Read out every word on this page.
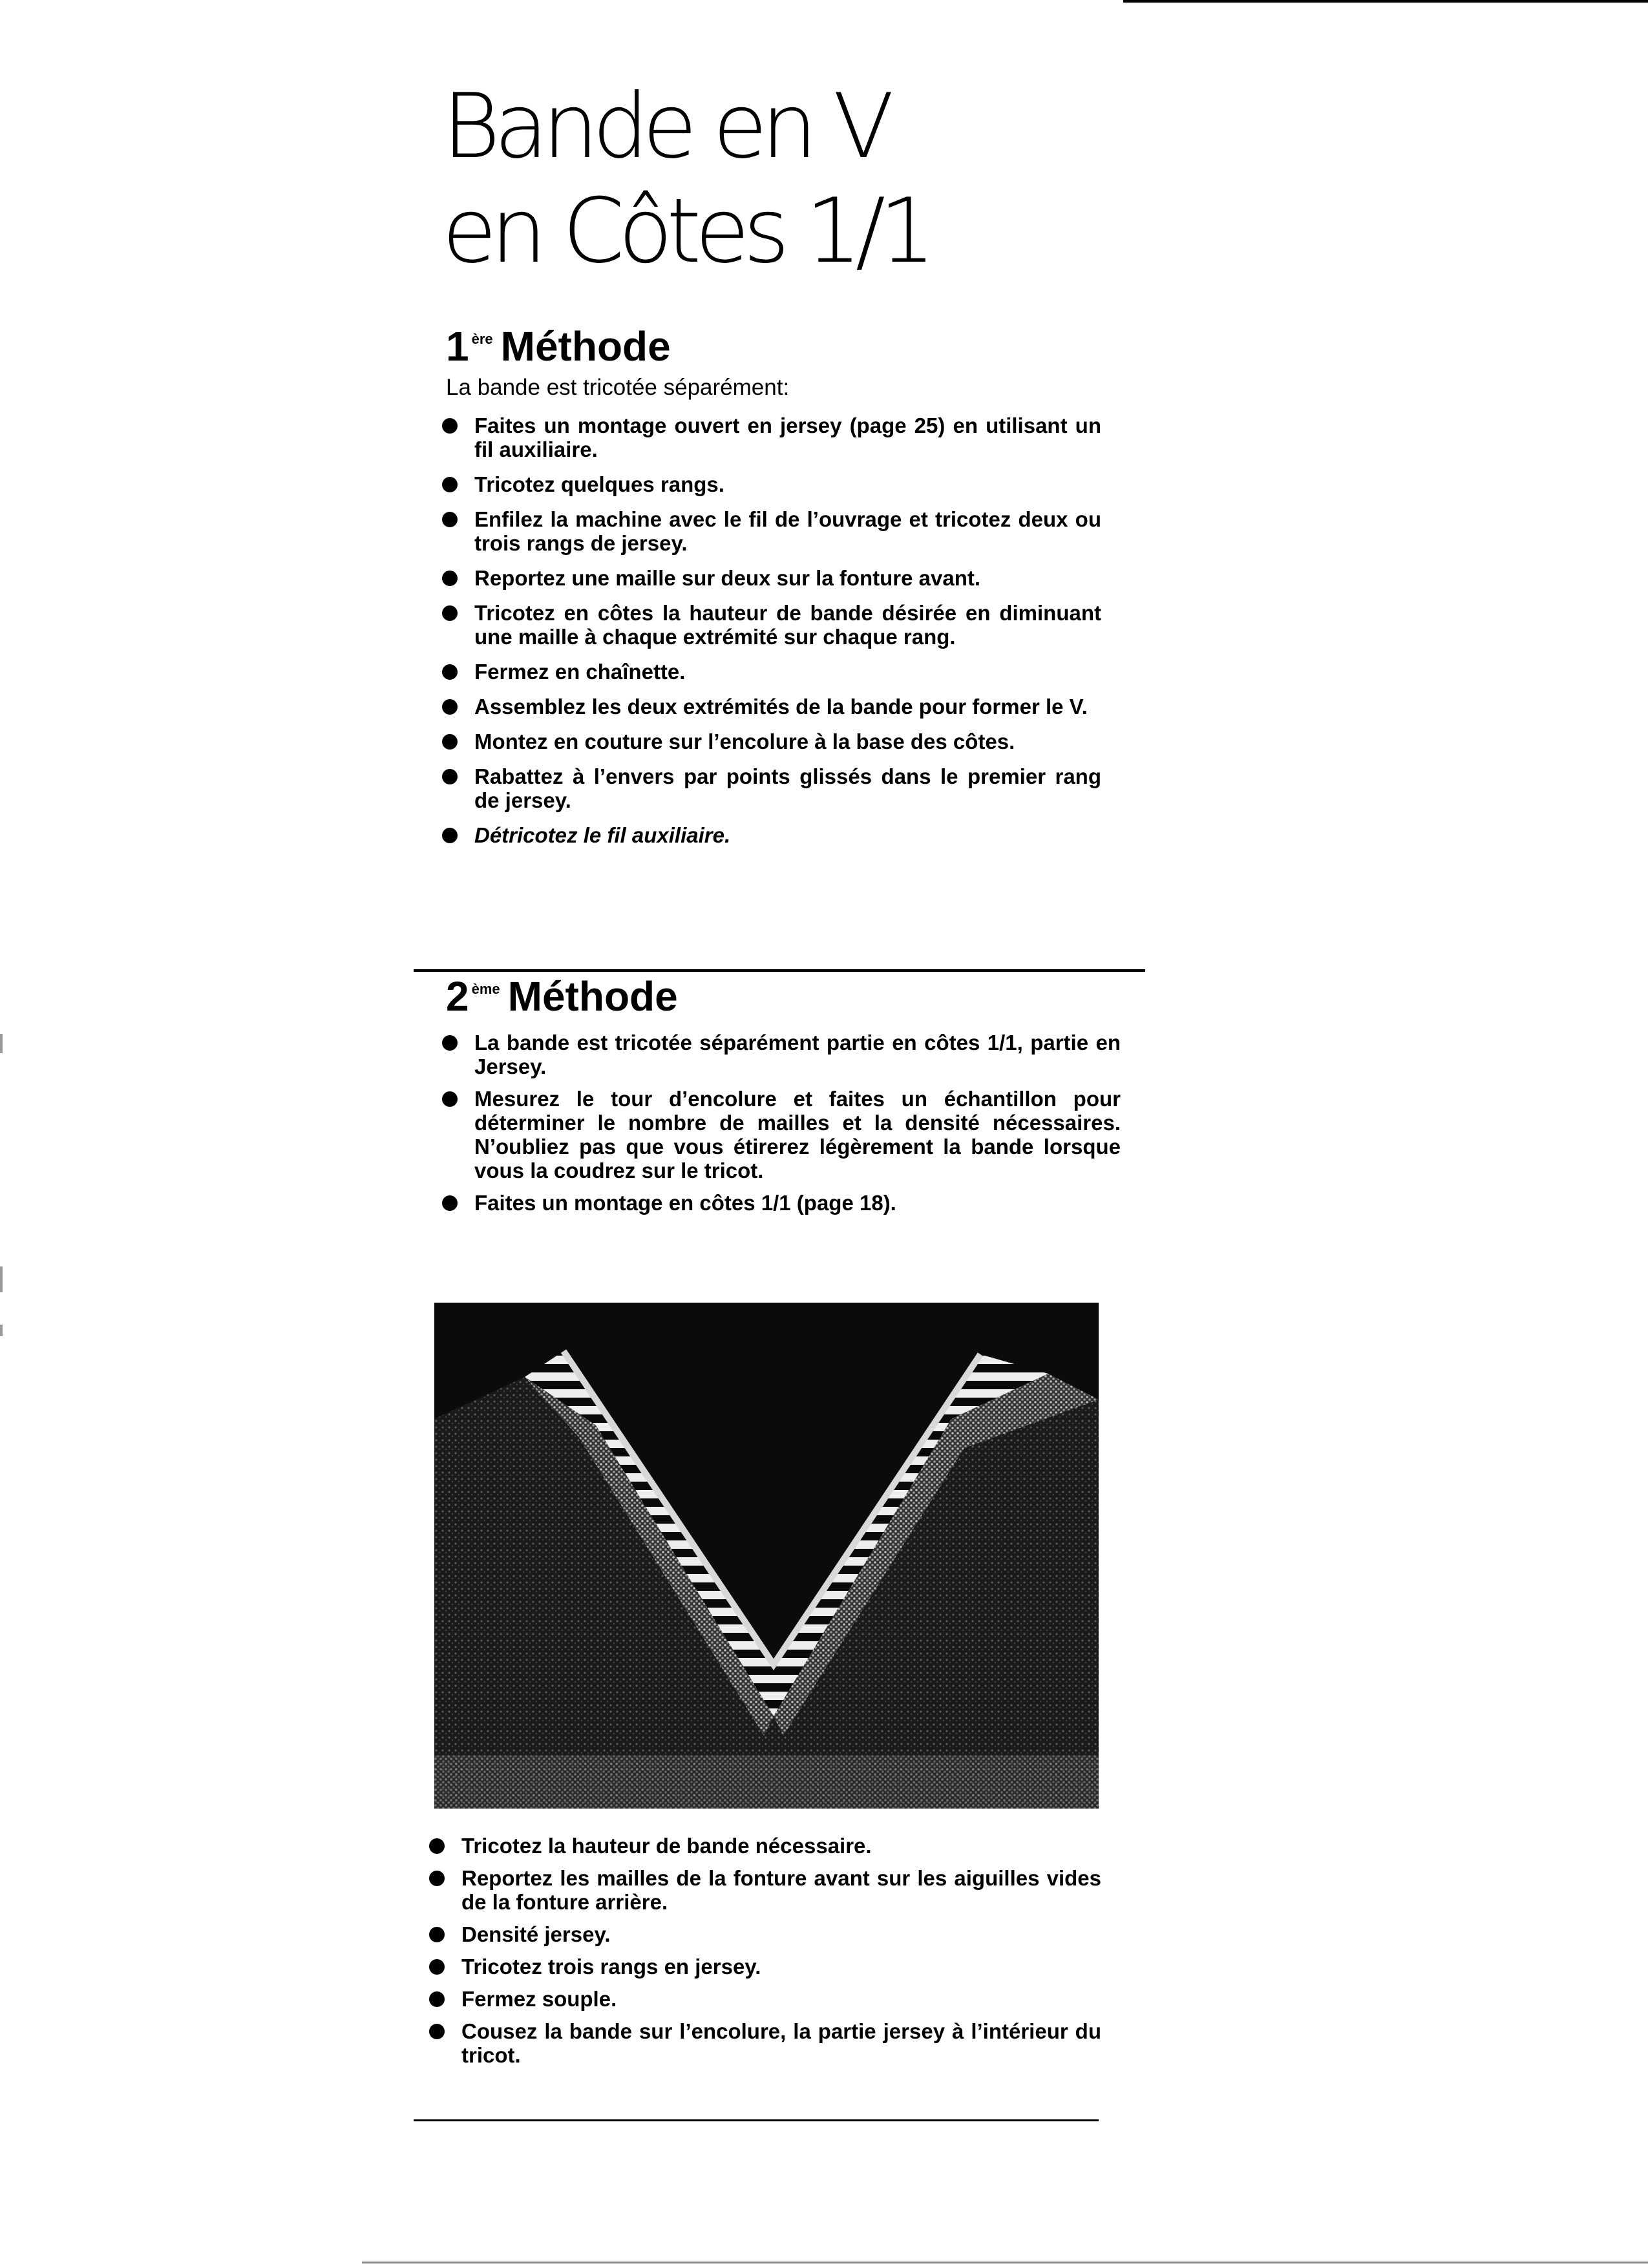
Bande en V
en Côtes 1/1
1 $^{ère}$ Méthode

La bande est tricotée séparément:

Faites un montage ouvert en jersey (page 25) en utilisant un fil auxiliaire.
Tricotez quelques rangs.
Enfilez la machine avec le fil de l’ouvrage et tricotez deux ou trois rangs de jersey.
Reportez une maille sur deux sur la fonture avant.
Tricotez en côtes la hauteur de bande désirée en diminuant une maille à chaque extrémité sur chaque rang.
Fermez en chaînette.
Assemblez les deux extrémités de la bande pour former le V.
Montez en couture sur l’encolure à la base des côtes.
Rabattez à l’envers par points glissés dans le premier rang de jersey.
Détricotez le fil auxiliaire.
2 $^{ème}$ Méthode
La bande est tricotée séparément partie en côtes 1/1, partie en Jersey.
Mesurez le tour d’encolure et faites un échantillon pour déterminer le nombre de mailles et la densité nécessaires. N’oubliez pas que vous étirerez légèrement la bande lorsque vous la coudrez sur le tricot.
Faites un montage en côtes 1/1 (page 18).
Tricotez la hauteur de bande nécessaire.
Reportez les mailles de la fonture avant sur les aiguilles vides de la fonture arrière.
Densité jersey.
Tricotez trois rangs en jersey.
Fermez souple.
Cousez la bande sur l’encolure, la partie jersey à l’intérieur du tricot.
